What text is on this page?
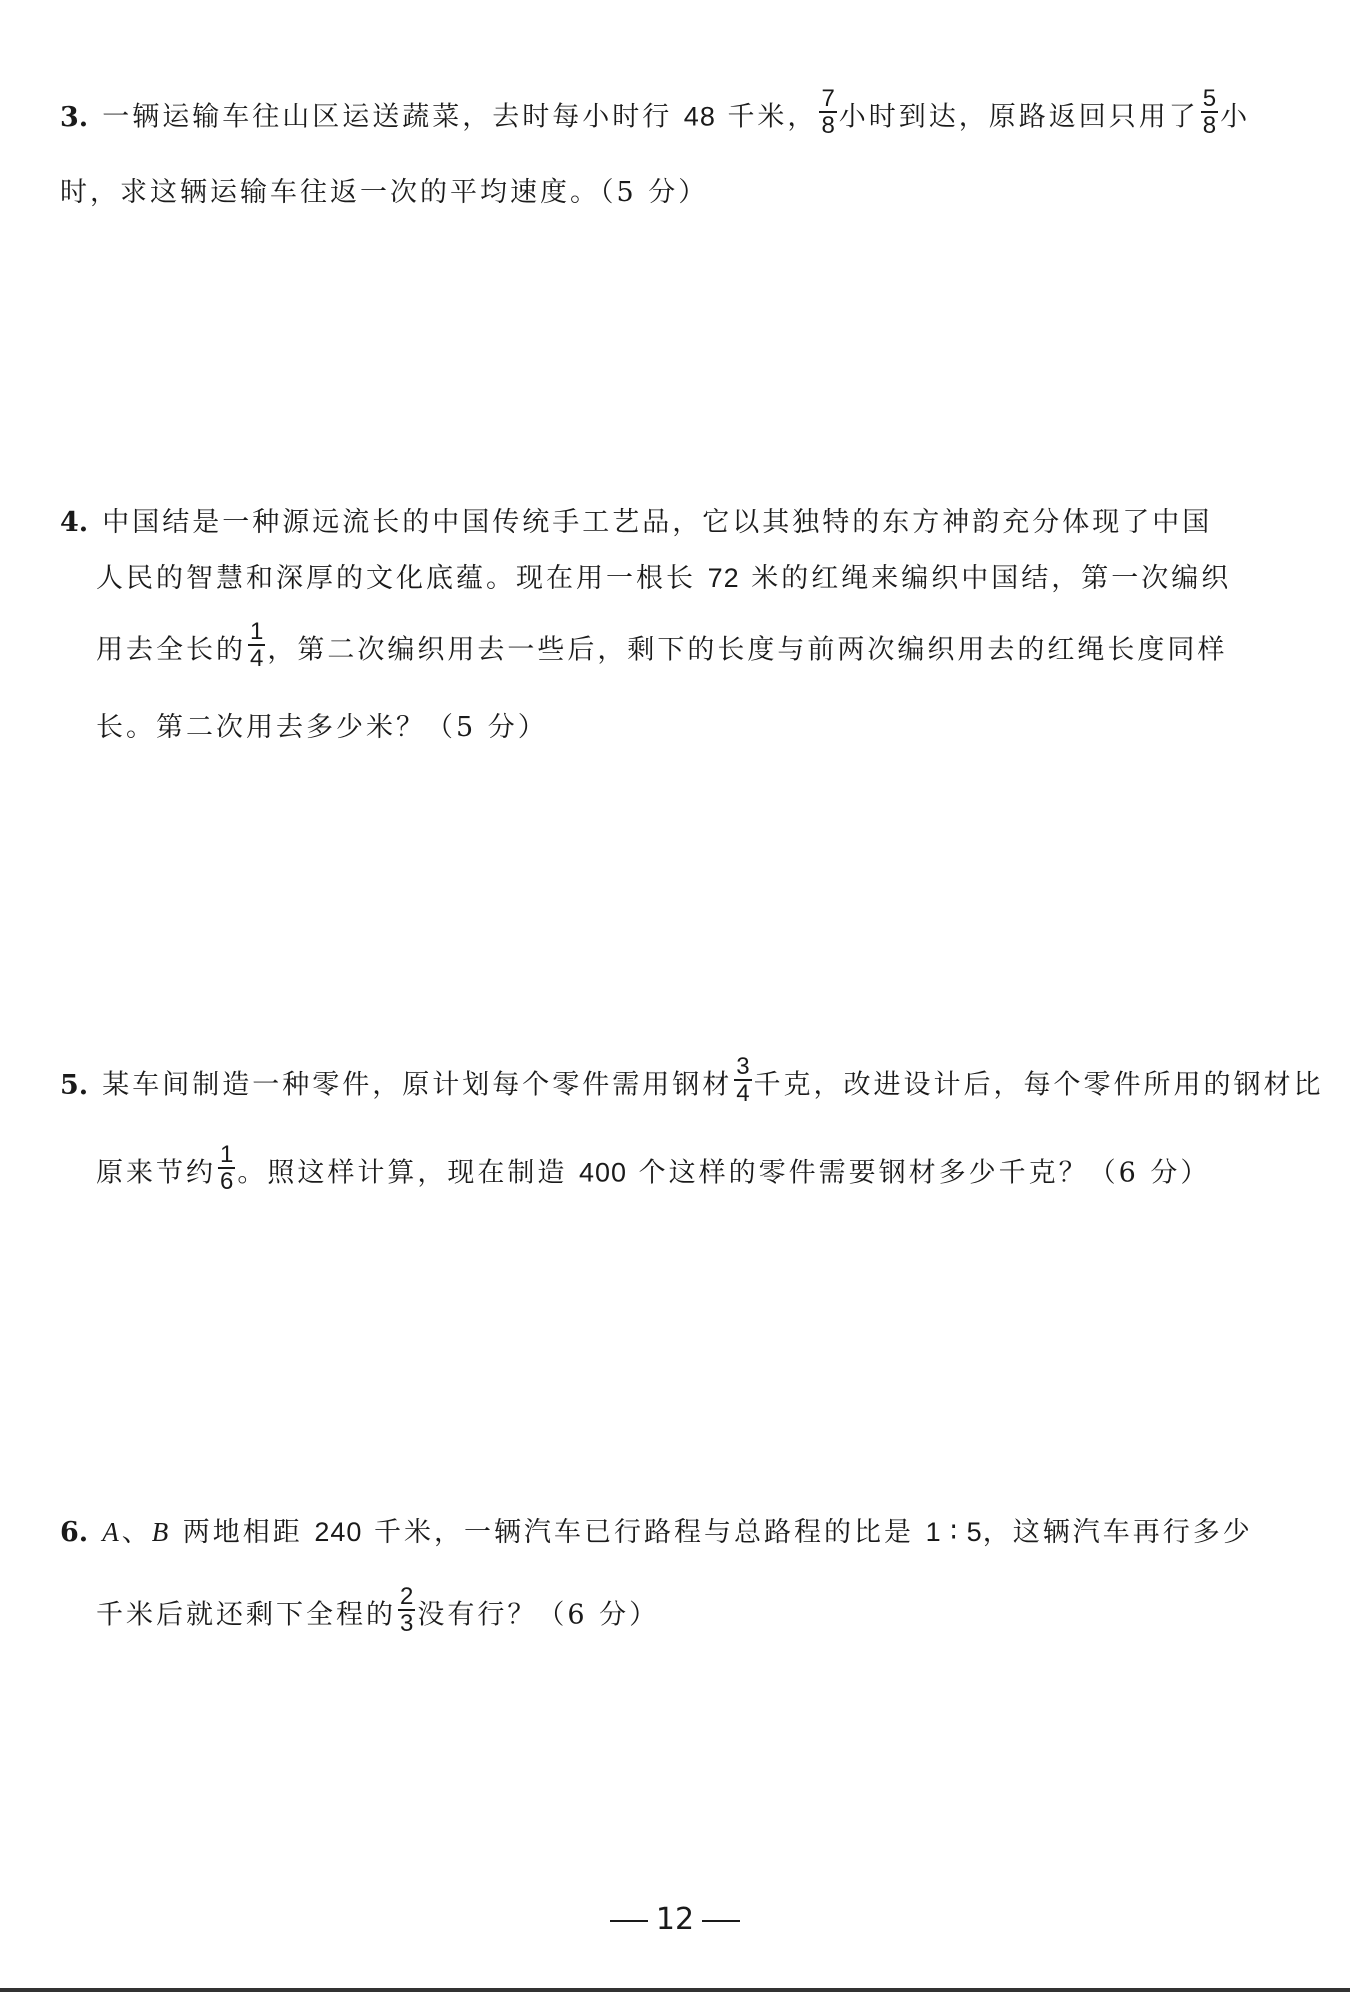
3. 一辆运输车往山区运送蔬菜，去时每小时行 48 千米， $\frac{7}{8}$ 小时到达，原路返回只用了 $\frac{5}{8}$ 小
时，求这辆运输车往返一次的平均速度。（5 分）
4. 中国结是一种源远流长的中国传统手工艺品，它以其独特的东方神韵充分体现了中国
人民的智慧和深厚的文化底蕴。现在用一根长 72 米的红绳来编织中国结，第一次编织
用去全长的 $\frac{1}{4}$ ，第二次编织用去一些后，剩下的长度与前两次编织用去的红绳长度同样
长。第二次用去多少米？（5 分）
5. 某车间制造一种零件，原计划每个零件需用钢材 $\frac{3}{4}$ 千克，改进设计后，每个零件所用的钢材比
原来节约 $\frac{1}{6}$ 。照这样计算，现在制造 400 个这样的零件需要钢材多少千克？（6 分）
6. A、B 两地相距 240 千米，一辆汽车已行路程与总路程的比是 1 ∶ 5，这辆汽车再行多少
千米后就还剩下全程的 $\frac{2}{3}$ 没有行？（6 分）
12
